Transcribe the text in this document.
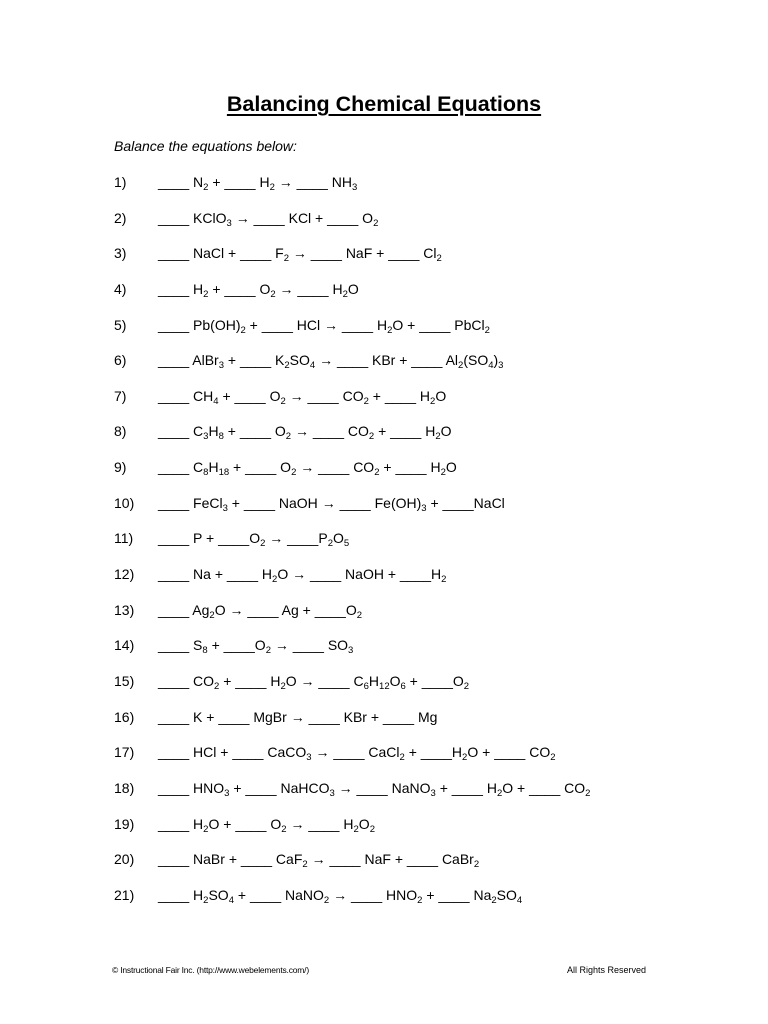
Balancing Chemical Equations
Balance the equations below:
1)	____ $N_2$ + ____ $H_2$ → ____ $NH_3$
2)	____ KClO$_3$ → ____ KCl + ____ $O_2$
3)	____ NaCl + ____ $F_2$ → ____ NaF + ____ $Cl_2$
4)	____ $H_2$ + ____ $O_2$ → ____ $H_2O$
5)	____ $Pb(OH)_2$ + ____ HCl → ____ $H_2O$ + ____ PbCl$_2$
6)	____ AlBr$_3$ + ____ $K_2SO_4$ → ____ KBr + ____ $Al_2(SO_4)_3$
7)	____ $CH_4$ + ____ $O_2$ → ____ $CO_2$ + ____ $H_2O$
8)	____ $C_3H_8$ + ____ $O_2$ → ____ $CO_2$ + ____ $H_2O$
9)	____ $C_8H_{18}$ + ____ $O_2$ → ____ $CO_2$ + ____ $H_2O$
10)	____ FeCl$_3$ + ____ NaOH → ____ $Fe(OH)_3$ + ____NaCl
11)	____ $P + \_\_\_\_O_2$ → $\_\_\_\_P_2O_5$
12)	____ Na + ____ $H_2O$ → ____ NaOH + $\_\_\_\_H_2$
13)	____ $Ag_2O$ → ____ $Ag + \_\_\_\_O_2$
14)	____ $S_8$ + $\_\_\_\_O_2$ → ____ $SO_3$
15)	____ $CO_2$ + ____ $H_2O$ → ____ $C_6H_{12}O_6$ + $\_\_\_\_O_2$
16)	____ K + ____ MgBr → ____ KBr + ____ Mg
17)	____ HCl + ____ CaCO$_3$ → ____ CaCl$_2$ + $\_\_\_\_H_2O$ + ____ $CO_2$
18)	____ $HNO_3$ + ____ NaHCO$_3$ → ____ NaNO$_3$ + ____ $H_2O$ + ____ $CO_2$
19)	____ $H_2O$ + ____ $O_2$ → ____ $H_2O_2$
20)	____ NaBr + ____ CaF$_2$ → ____ NaF + ____ CaBr$_2$
21)	____ $H_2SO_4$ + ____ NaNO$_2$ → ____ $HNO_2$ + ____ $Na_2SO_4$
© Instructional Fair Inc. (http://www.webelements.com/)	All Rights Reserved
